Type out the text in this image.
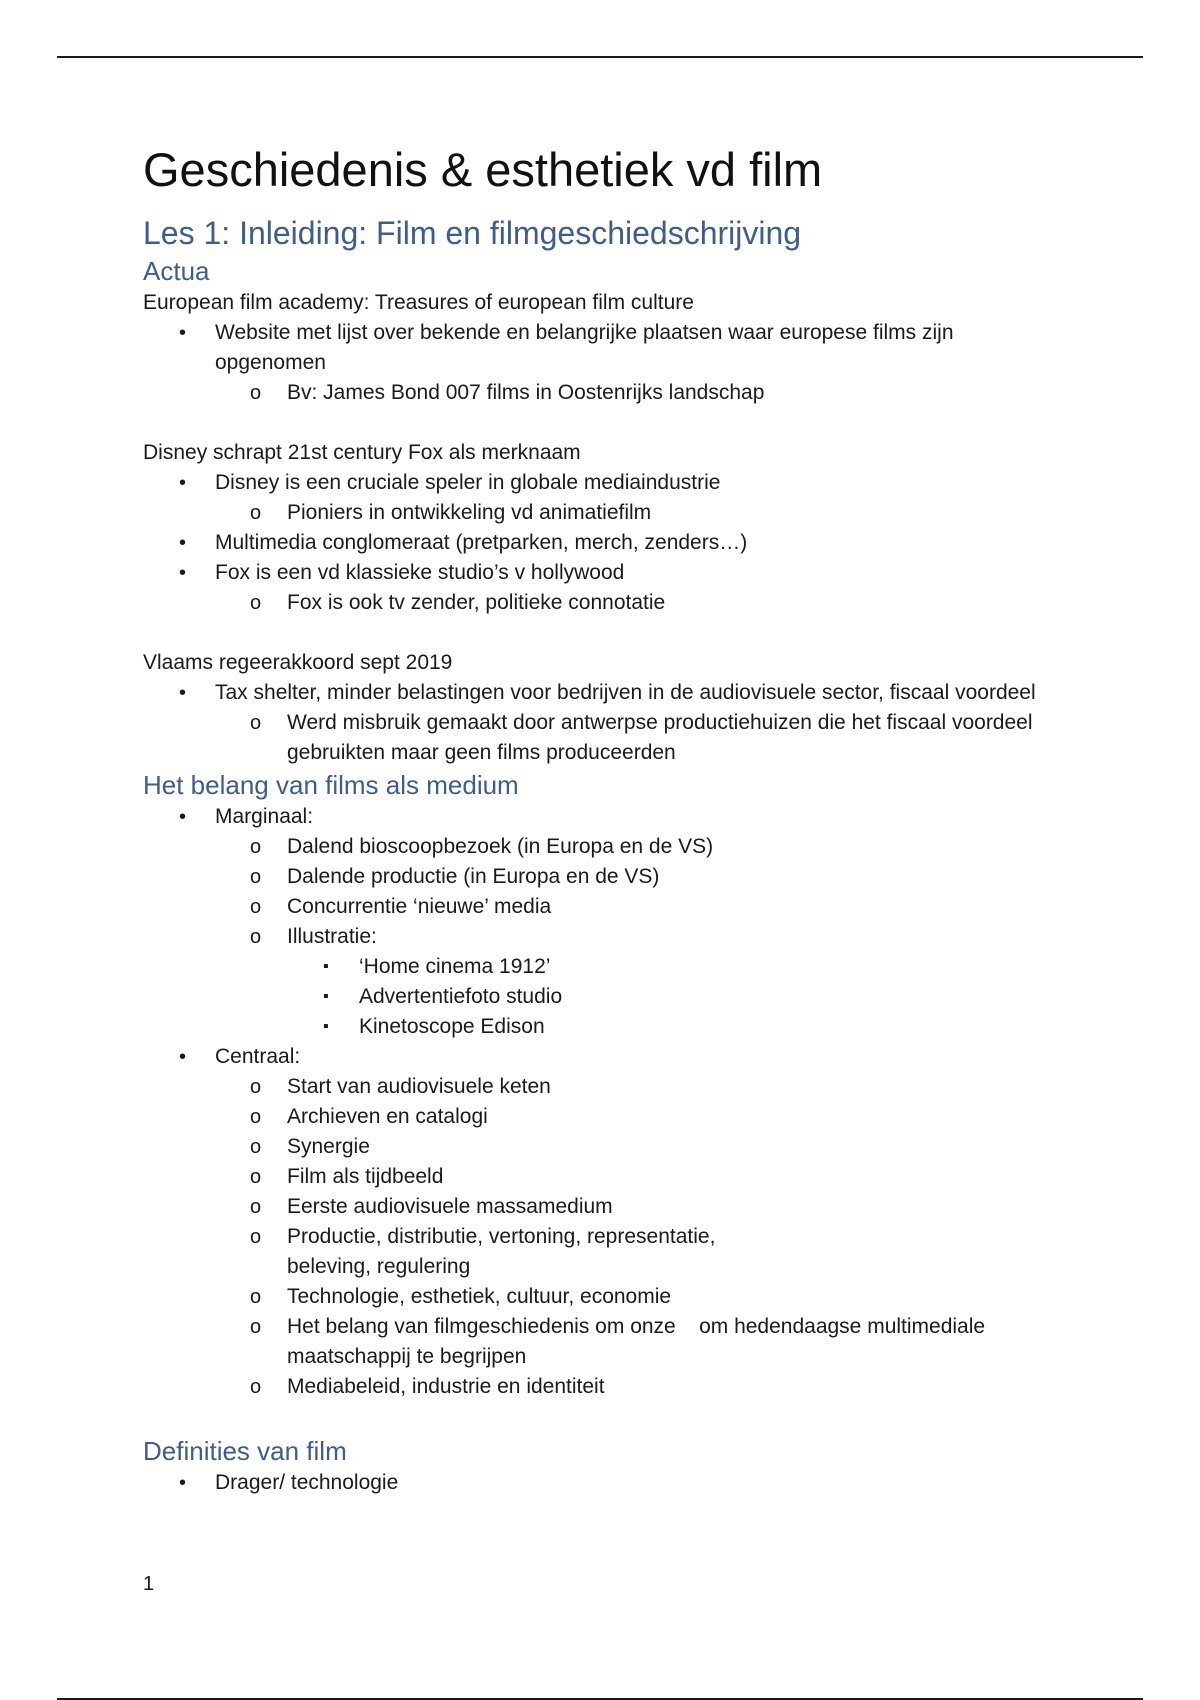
Geschiedenis & esthetiek vd film
Les 1: Inleiding: Film en filmgeschiedschrijving
Actua

European film academy: Treasures of european film culture

• Website met lijst over bekende en belangrijke plaatsen waar europese films zijn opgenomen
o Bv: James Bond 007 films in Oostenrijks landschap

Disney schrapt 21st century Fox als merknaam

• Disney is een cruciale speler in globale mediaindustrie
o Pioniers in ontwikkeling vd animatiefilm
• Multimedia conglomeraat (pretparken, merch, zenders…)
• Fox is een vd klassieke studio’s v hollywood
o Fox is ook tv zender, politieke connotatie

Vlaams regeerakkoord sept 2019

• Tax shelter, minder belastingen voor bedrijven in de audiovisuele sector, fiscaal voordeel
o Werd misbruik gemaakt door antwerpse productiehuizen die het fiscaal voordeel gebruikten maar geen films produceerden
Het belang van films als medium
• Marginaal:
o Dalend bioscoopbezoek (in Europa en de VS)
o Dalende productie (in Europa en de VS)
o Concurrentie ‘nieuwe’ media
o Illustratie:
▪ ‘Home cinema 1912’
▪ Advertentiefoto studio
▪ Kinetoscope Edison
• Centraal:
o Start van audiovisuele keten
o Archieven en catalogi
o Synergie
o Film als tijdbeeld
o Eerste audiovisuele massamedium
o Productie, distributie, vertoning, representatie,
beleving, regulering
o Technologie, esthetiek, cultuur, economie
o Het belang van filmgeschiedenis om onze    om hedendaagse multimediale maatschappij te begrijpen
o Mediabeleid, industrie en identiteit
Definities van film
• Drager/ technologie
1
